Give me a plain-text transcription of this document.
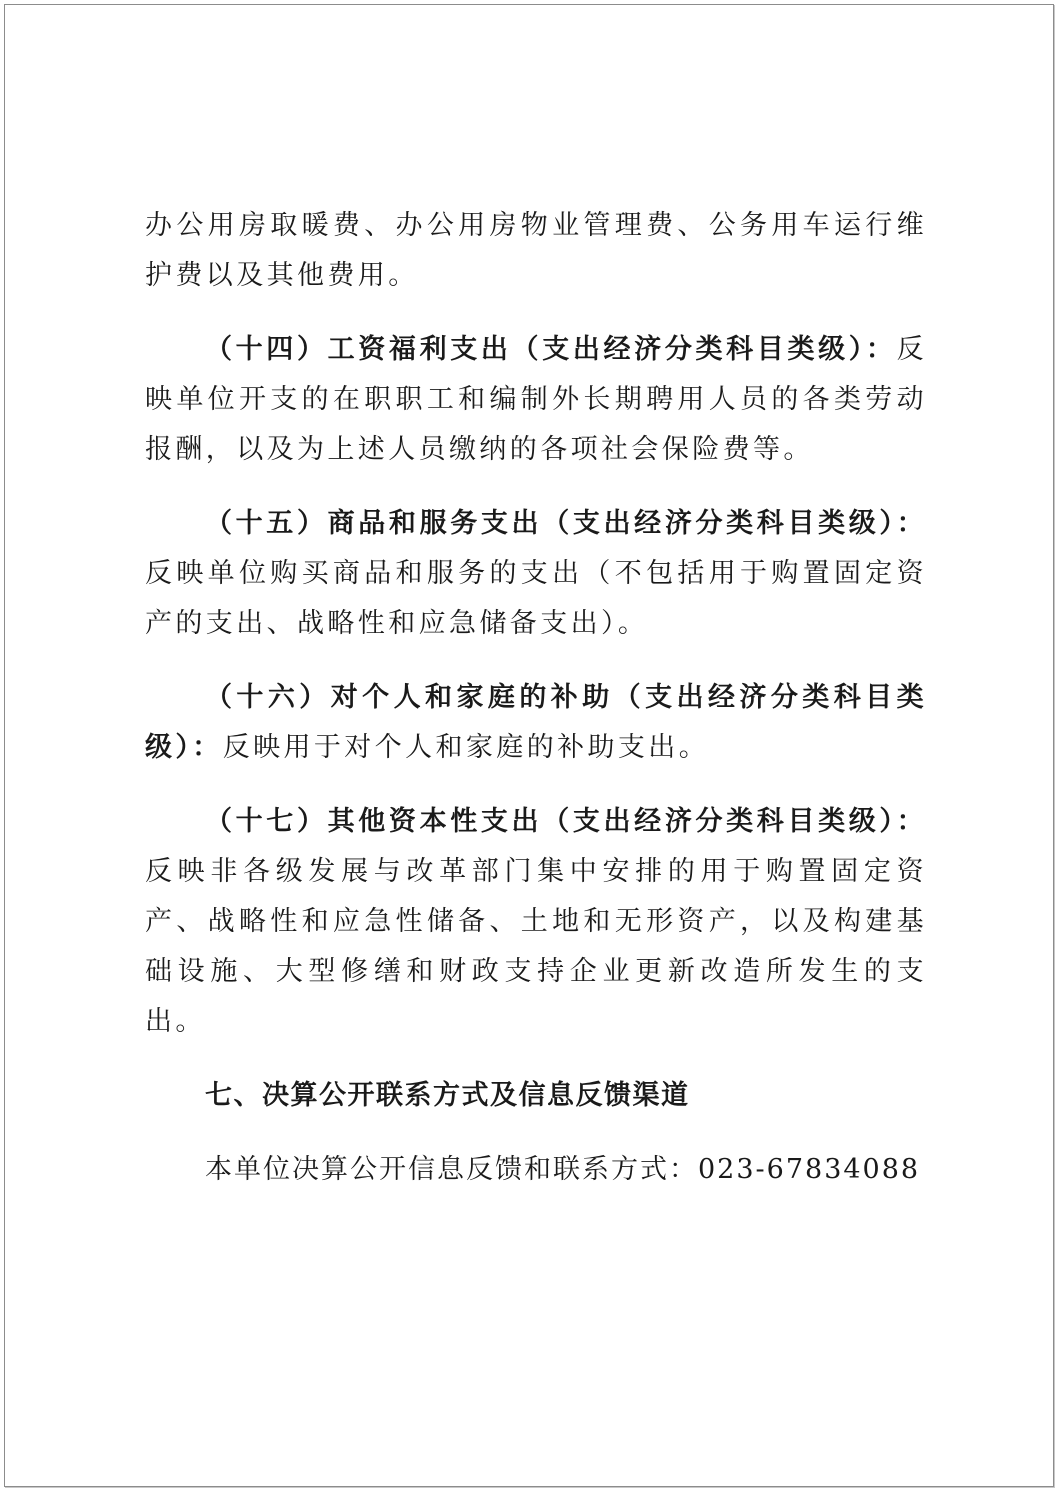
办公用房取暖费、办公用房物业管理费、公务用车运行维护费以及其他费用。

（十四）工资福利支出（支出经济分类科目类级）：反映单位开支的在职职工和编制外长期聘用人员的各类劳动报酬，以及为上述人员缴纳的各项社会保险费等。

（十五）商品和服务支出（支出经济分类科目类级）：反映单位购买商品和服务的支出（不包括用于购置固定资产的支出、战略性和应急储备支出）。

（十六）对个人和家庭的补助（支出经济分类科目类级）：反映用于对个人和家庭的补助支出。

（十七）其他资本性支出（支出经济分类科目类级）：反映非各级发展与改革部门集中安排的用于购置固定资产、战略性和应急性储备、土地和无形资产，以及构建基础设施、大型修缮和财政支持企业更新改造所发生的支出。

七、决算公开联系方式及信息反馈渠道

本单位决算公开信息反馈和联系方式：023-67834088
